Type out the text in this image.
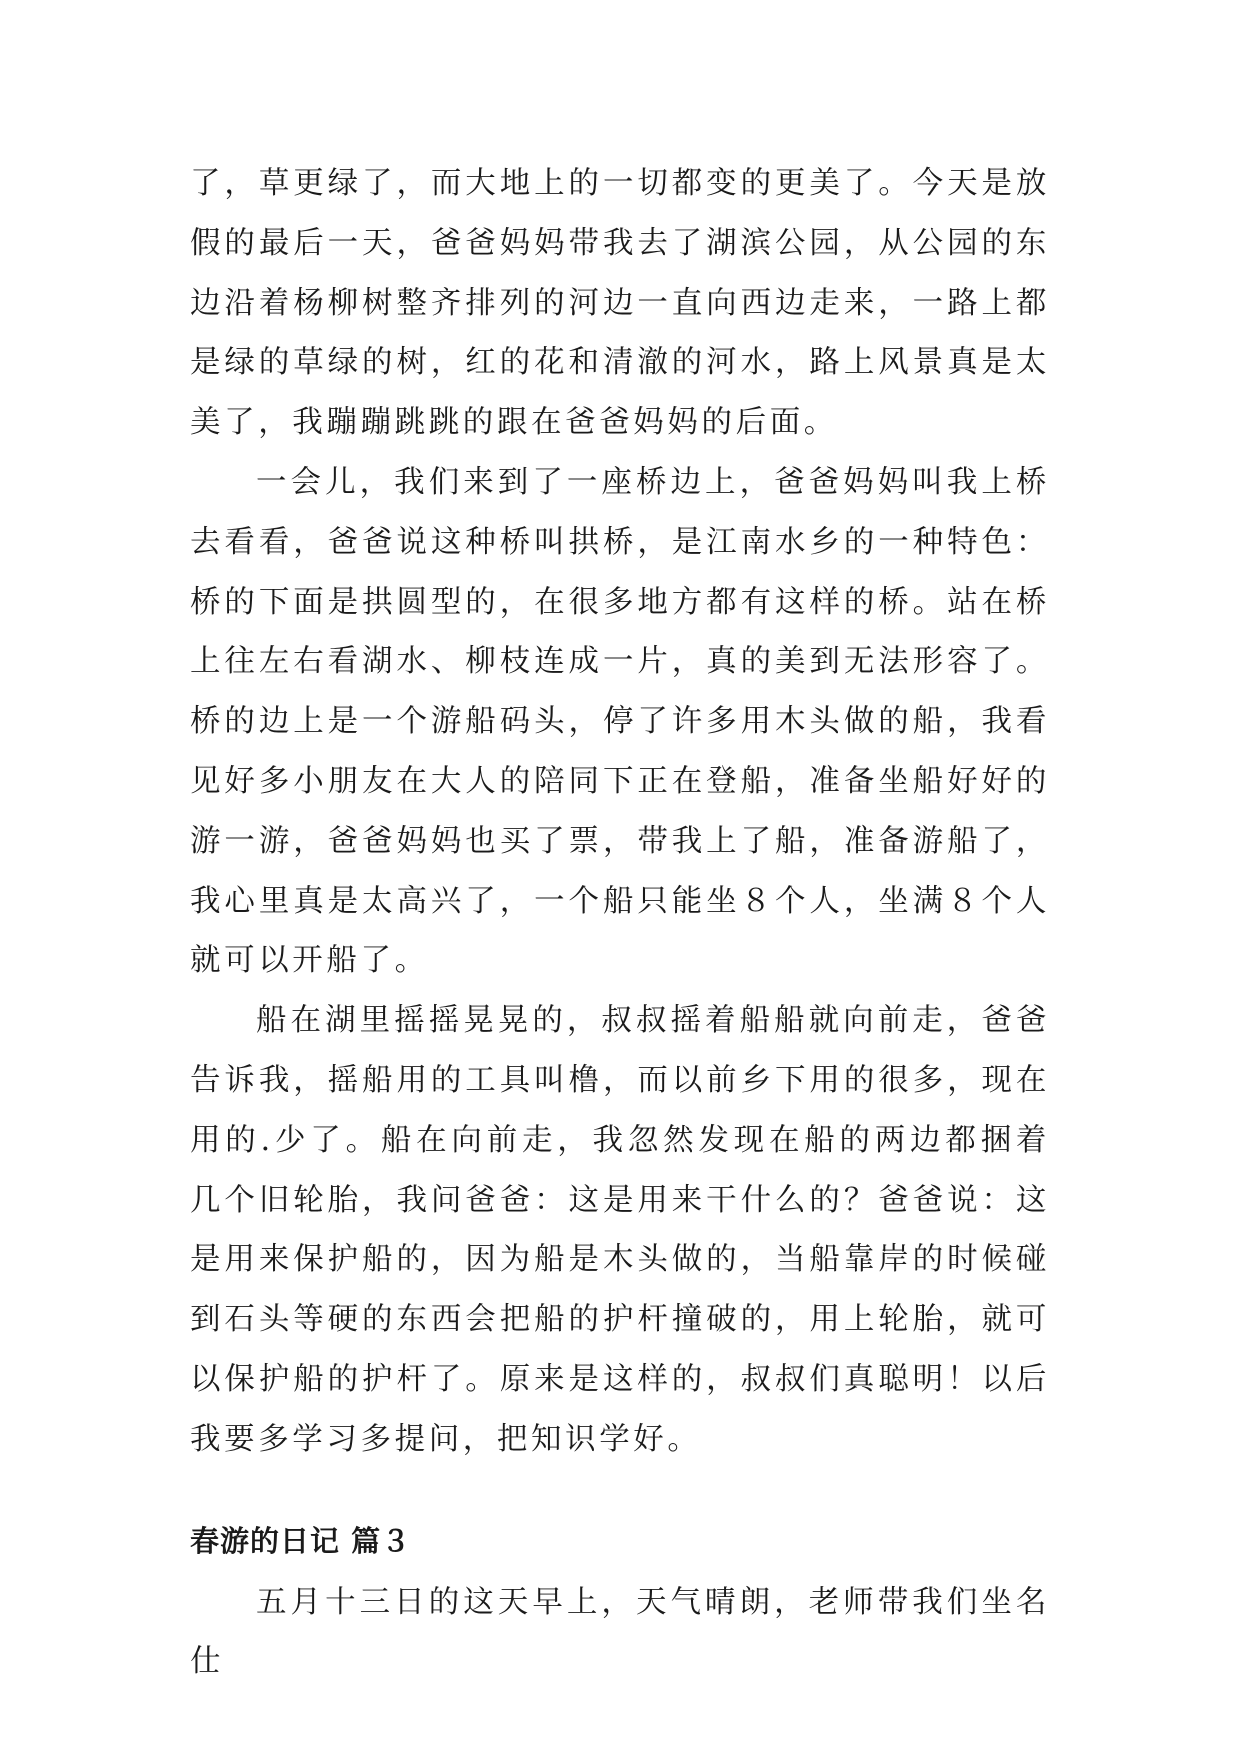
了，草更绿了，而大地上的一切都变的更美了。今天是放假的最后一天，爸爸妈妈带我去了湖滨公园，从公园的东边沿着杨柳树整齐排列的河边一直向西边走来，一路上都是绿的草绿的树，红的花和清澈的河水，路上风景真是太美了，我蹦蹦跳跳的跟在爸爸妈妈的后面。

一会儿，我们来到了一座桥边上，爸爸妈妈叫我上桥去看看，爸爸说这种桥叫拱桥，是江南水乡的一种特色：桥的下面是拱圆型的，在很多地方都有这样的桥。站在桥上往左右看湖水、柳枝连成一片，真的美到无法形容了。桥的边上是一个游船码头，停了许多用木头做的船，我看见好多小朋友在大人的陪同下正在登船，准备坐船好好的游一游，爸爸妈妈也买了票，带我上了船，准备游船了，我心里真是太高兴了，一个船只能坐８个人，坐满８个人就可以开船了。

船在湖里摇摇晃晃的，叔叔摇着船船就向前走，爸爸告诉我，摇船用的工具叫橹，而以前乡下用的很多，现在用的.少了。船在向前走，我忽然发现在船的两边都捆着几个旧轮胎，我问爸爸：这是用来干什么的？爸爸说：这是用来保护船的，因为船是木头做的，当船靠岸的时候碰到石头等硬的东西会把船的护杆撞破的，用上轮胎，就可以保护船的护杆了。原来是这样的，叔叔们真聪明！以后我要多学习多提问，把知识学好。

春游的日记 篇３

五月十三日的这天早上，天气晴朗，老师带我们坐名仕
